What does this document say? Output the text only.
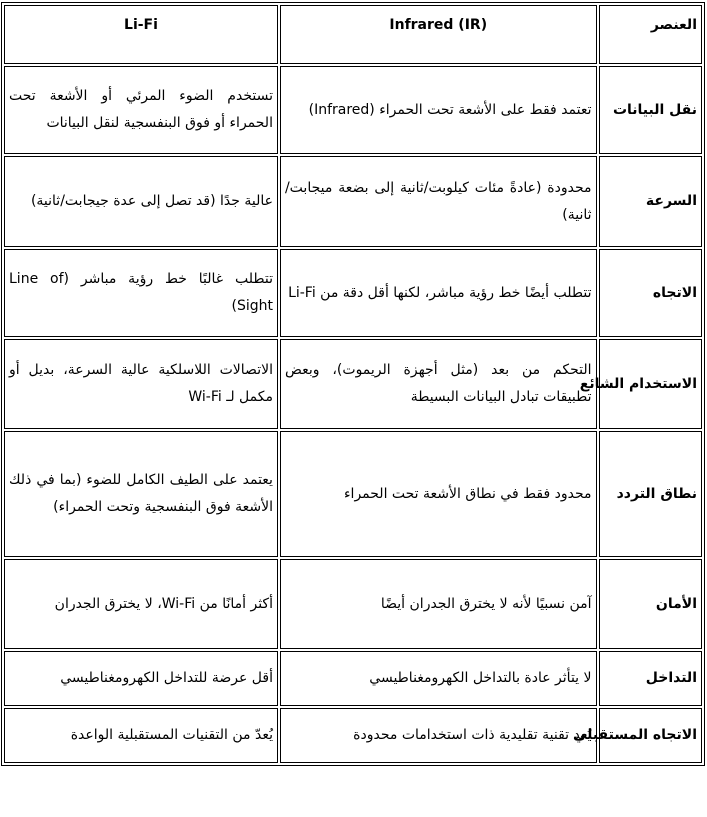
العنصر	Infrared (IR)	Li-Fi
نقل البيانات	تعتمد فقط على الأشعة تحت الحمراء (Infrared)	تستخدم الضوء المرئي أو الأشعة تحت الحمراء أو فوق البنفسجية لنقل البيانات
السرعة	محدودة (عادةً مئات كيلوبت/ثانية إلى بضعة ميجابت/ثانية)	عالية جدًا (قد تصل إلى عدة جيجابت/ثانية)
الاتجاه	تتطلب أيضًا خط رؤية مباشر، لكنها أقل دقة من Li-Fi	تتطلب غالبًا خط رؤية مباشر (Line of Sight)
الاستخدام الشائع	التحكم من بعد (مثل أجهزة الريموت)، وبعض تطبيقات تبادل البيانات البسيطة	الاتصالات اللاسلكية عالية السرعة، بديل أو مكمل لـ Wi-Fi
نطاق التردد	محدود فقط في نطاق الأشعة تحت الحمراء	يعتمد على الطيف الكامل للضوء (بما في ذلك الأشعة فوق البنفسجية وتحت الحمراء)
الأمان	آمن نسبيًا لأنه لا يخترق الجدران أيضًا	أكثر أمانًا من Wi-Fi، لا يخترق الجدران
التداخل	لا يتأثر عادة بالتداخل الكهرومغناطيسي	أقل عرضة للتداخل الكهرومغناطيسي
الاتجاه المستقبلي	يُعد تقنية تقليدية ذات استخدامات محدودة	يُعدّ من التقنيات المستقبلية الواعدة
